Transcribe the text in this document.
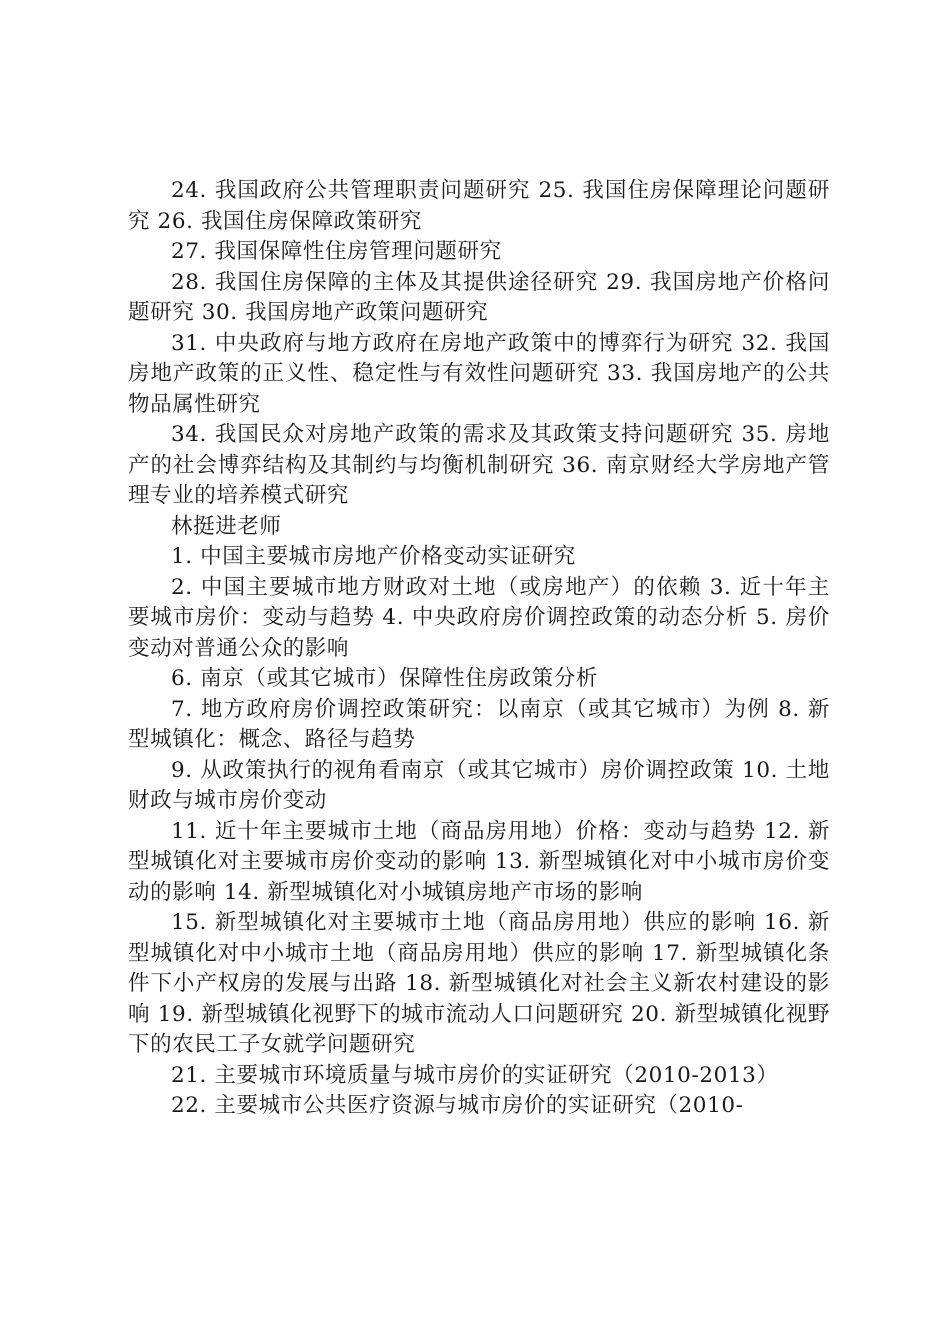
24. 我国政府公共管理职责问题研究 25. 我国住房保障理论问题研究 26. 我国住房保障政策研究

27. 我国保障性住房管理问题研究

28. 我国住房保障的主体及其提供途径研究 29. 我国房地产价格问题研究 30. 我国房地产政策问题研究

31. 中央政府与地方政府在房地产政策中的博弈行为研究 32. 我国房地产政策的正义性、稳定性与有效性问题研究 33. 我国房地产的公共物品属性研究

34. 我国民众对房地产政策的需求及其政策支持问题研究 35. 房地产的社会博弈结构及其制约与均衡机制研究 36. 南京财经大学房地产管理专业的培养模式研究

林挺进老师

1. 中国主要城市房地产价格变动实证研究

2. 中国主要城市地方财政对土地（或房地产）的依赖 3. 近十年主要城市房价：变动与趋势 4. 中央政府房价调控政策的动态分析 5. 房价变动对普通公众的影响

6. 南京（或其它城市）保障性住房政策分析

7. 地方政府房价调控政策研究：以南京（或其它城市）为例 8. 新型城镇化：概念、路径与趋势

9. 从政策执行的视角看南京（或其它城市）房价调控政策 10. 土地财政与城市房价变动

11. 近十年主要城市土地（商品房用地）价格：变动与趋势 12. 新型城镇化对主要城市房价变动的影响 13. 新型城镇化对中小城市房价变动的影响 14. 新型城镇化对小城镇房地产市场的影响

15. 新型城镇化对主要城市土地（商品房用地）供应的影响 16. 新型城镇化对中小城市土地（商品房用地）供应的影响 17. 新型城镇化条件下小产权房的发展与出路 18. 新型城镇化对社会主义新农村建设的影响 19. 新型城镇化视野下的城市流动人口问题研究 20. 新型城镇化视野下的农民工子女就学问题研究

21. 主要城市环境质量与城市房价的实证研究（2010-2013）

22. 主要城市公共医疗资源与城市房价的实证研究（2010-
